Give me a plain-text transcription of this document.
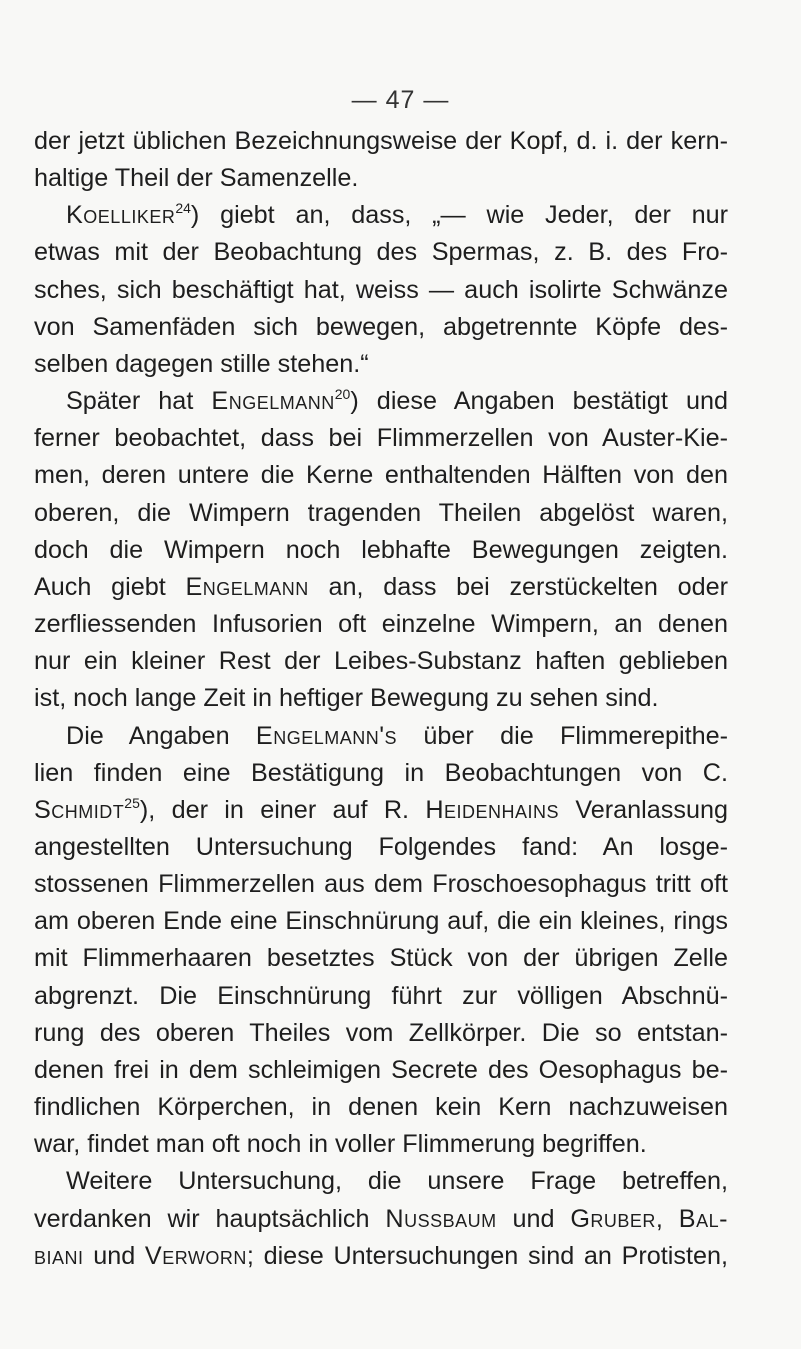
— 47 —
der jetzt üblichen Bezeichnungsweise der Kopf, d. i. der kern-
haltige Theil der Samenzelle.
Koelliker$^{24}$) giebt an, dass, „— wie Jeder, der nur
etwas mit der Beobachtung des Spermas, z. B. des Fro-
sches, sich beschäftigt hat, weiss — auch isolirte Schwänze
von Samenfäden sich bewegen, abgetrennte Köpfe des-
selben dagegen stille stehen.“
Später hat Engelmann$^{20}$) diese Angaben bestätigt und
ferner beobachtet, dass bei Flimmerzellen von Auster-Kie-
men, deren untere die Kerne enthaltenden Hälften von den
oberen, die Wimpern tragenden Theilen abgelöst waren,
doch die Wimpern noch lebhafte Bewegungen zeigten.
Auch giebt Engelmann an, dass bei zerstückelten oder
zerfliessenden Infusorien oft einzelne Wimpern, an denen
nur ein kleiner Rest der Leibes-Substanz haften geblieben
ist, noch lange Zeit in heftiger Bewegung zu sehen sind.
Die Angaben Engelmann's über die Flimmerepithe-
lien finden eine Bestätigung in Beobachtungen von C.
Schmidt$^{25}$), der in einer auf R. Heidenhains Veranlassung
angestellten Untersuchung Folgendes fand: An losge-
stossenen Flimmerzellen aus dem Froschoesophagus tritt oft
am oberen Ende eine Einschnürung auf, die ein kleines, rings
mit Flimmerhaaren besetztes Stück von der übrigen Zelle
abgrenzt. Die Einschnürung führt zur völligen Abschnü-
rung des oberen Theiles vom Zellkörper. Die so entstan-
denen frei in dem schleimigen Secrete des Oesophagus be-
findlichen Körperchen, in denen kein Kern nachzuweisen
war, findet man oft noch in voller Flimmerung begriffen.
Weitere Untersuchung, die unsere Frage betreffen,
verdanken wir hauptsächlich Nussbaum und Gruber, Bal-
biani und Verworn; diese Untersuchungen sind an Protisten,
